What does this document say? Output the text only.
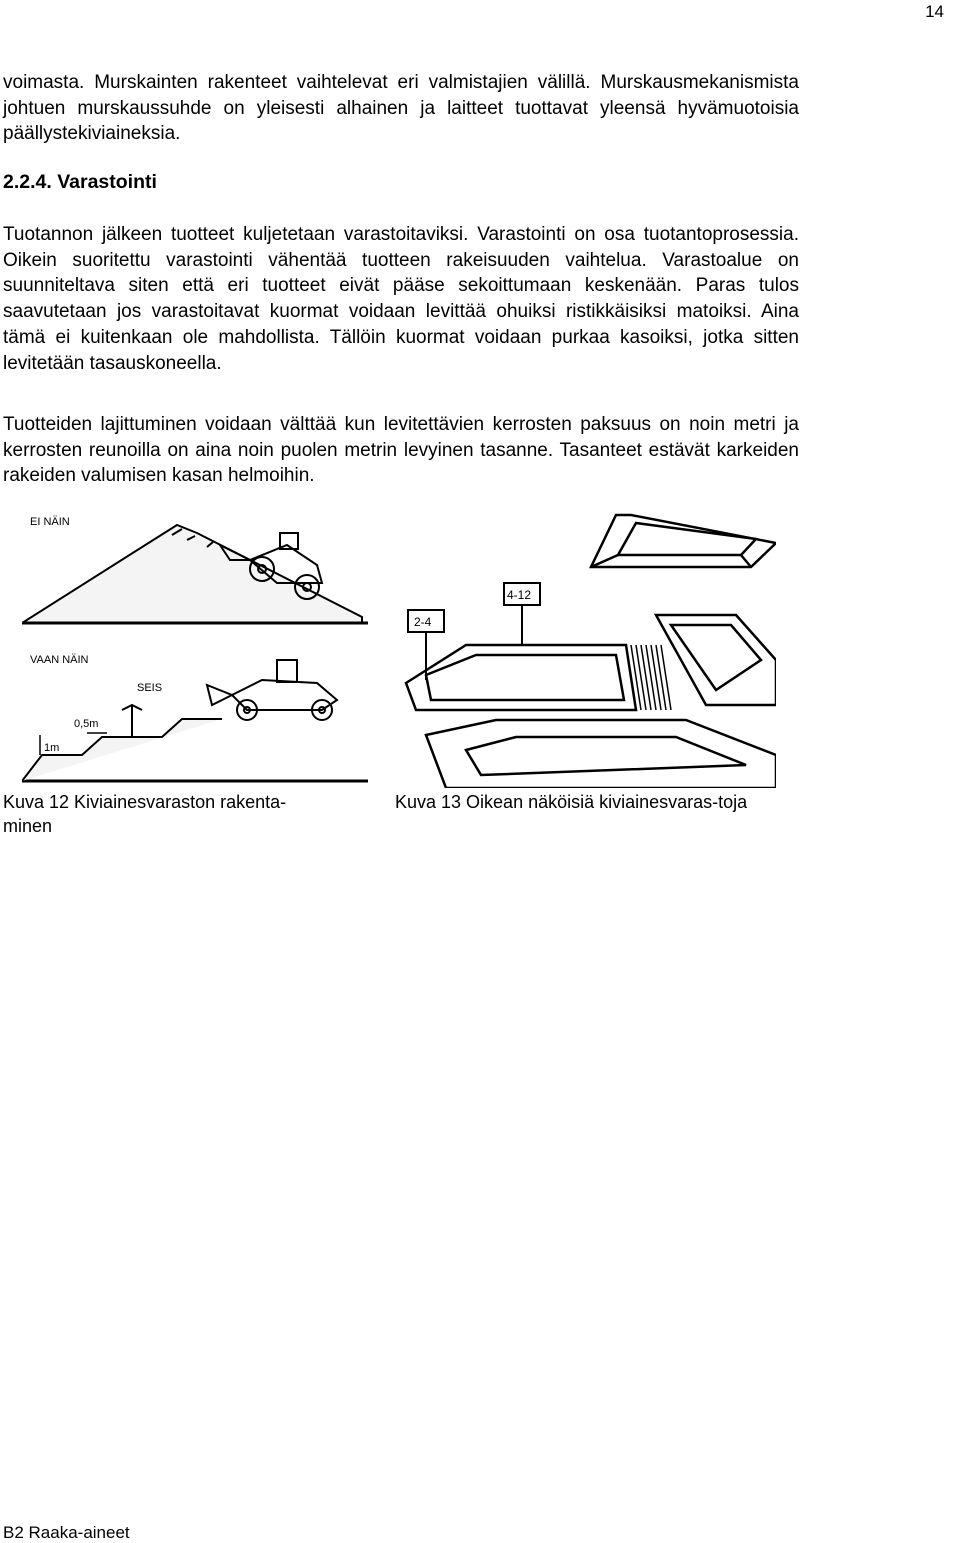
14

voimasta. Murskainten rakenteet vaihtelevat eri valmistajien välillä. Murskausmekanismista johtuen murskaussuhde on yleisesti alhainen ja laitteet tuottavat yleensä hyvämuotoisia päällystekiviaineksia.

2.2.4. Varastointi

Tuotannon jälkeen tuotteet kuljetetaan varastoitaviksi. Varastointi on osa tuotantoprosessia. Oikein suoritettu varastointi vähentää tuotteen rakeisuuden vaihtelua. Varastoalue on suunniteltava siten että eri tuotteet eivät pääse sekoittumaan keskenään. Paras tulos saavutetaan jos varastoitavat kuormat voidaan levittää ohuiksi ristikkäisiksi matoiksi. Aina tämä ei kuitenkaan ole mahdollista. Tällöin kuormat voidaan purkaa kasoiksi, jotka sitten levitetään tasauskoneella.

Tuotteiden lajittuminen voidaan välttää kun levitettävien kerrosten paksuus on noin metri ja kerrosten reunoilla on aina noin puolen metrin levyinen tasanne. Tasanteet estävät karkeiden rakeiden valumisen kasan helmoihin.

EI NÄIN
VAAN NÄIN
SEIS
0,5m
1m
2-4
4-12

Kuva 12 Kiviainesvaraston rakenta-minen

Kuva 13 Oikean näköisiä kiviainesvaras-toja

B2 Raaka-aineet
